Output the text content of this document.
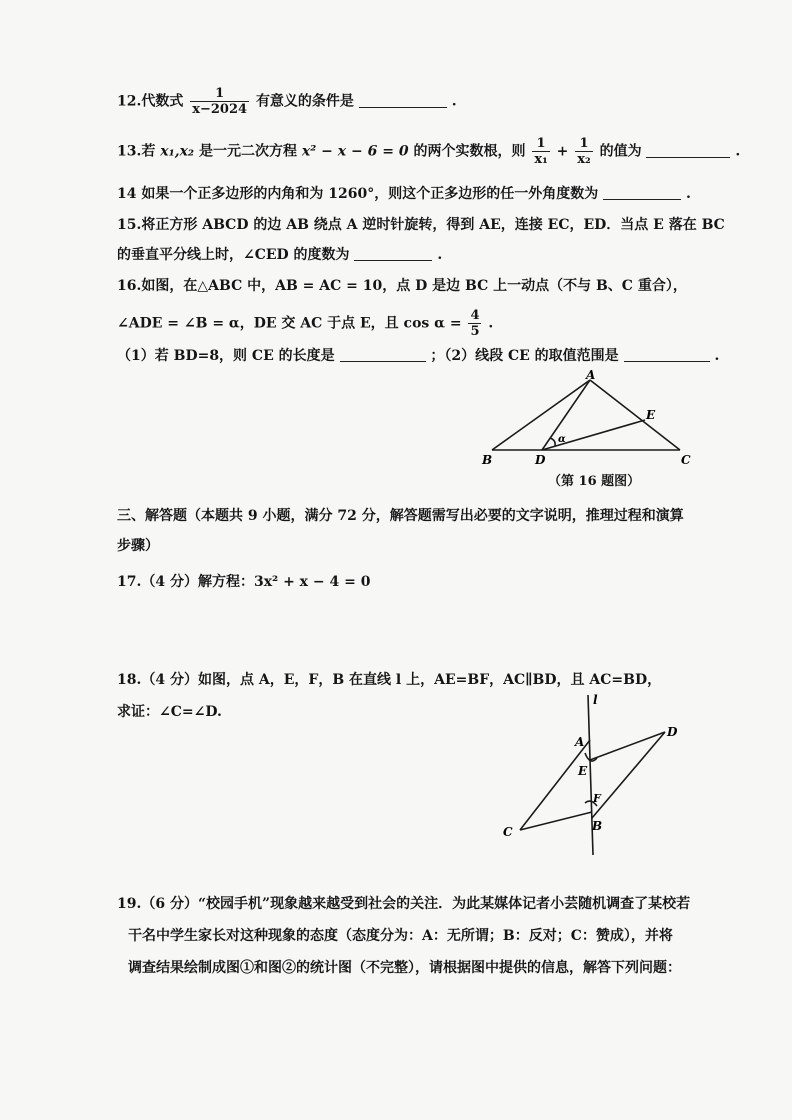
12.代数式 $\frac{1}{x-2024}$ 有意义的条件是	.
13.若 x₁,x₂ 是一元二次方程 x² − x − 6 = 0 的两个实数根，则 $\frac{1}{\text{x₁}} + \frac{1}{\text{x₂}}$ 的值为	.
14 如果一个正多边形的内角和为 1260°，则这个正多边形的任一外角度数为	.
15.将正方形 ABCD 的边 AB 绕点 A 逆时针旋转，得到 AE，连接 EC，ED．当点 E 落在 BC
的垂直平分线上时，∠CED 的度数为	.
16.如图，在△ABC 中，AB = AC = 10，点 D 是边 BC 上一动点（不与 B、C 重合），
∠ADE = ∠B = α，DE 交 AC 于点 E，且 $\cos \alpha = \frac{4}{5}$ .
（1）若 BD=8，则 CE 的长度是	；（2）线段 CE 的取值范围是	.
A
B	C
D
E
α
（第 16 题图）
三、解答题（本题共 9 小题，满分 72 分，解答题需写出必要的文字说明，推理过程和演算
步骤）
17.（4 分）解方程：3x² + x − 4 = 0
18.（4 分）如图，点 A，E，F，B 在直线 l 上，AE=BF，AC∥BD，且 AC=BD，
求证：∠C=∠D.
l
A
E
F
B
C
D
19.（6 分）“校园手机”现象越来越受到社会的关注．为此某媒体记者小芸随机调查了某校若
干名中学生家长对这种现象的态度（态度分为：A：无所谓；B：反对；C：赞成），并将
调查结果绘制成图①和图②的统计图（不完整），请根据图中提供的信息，解答下列问题：
